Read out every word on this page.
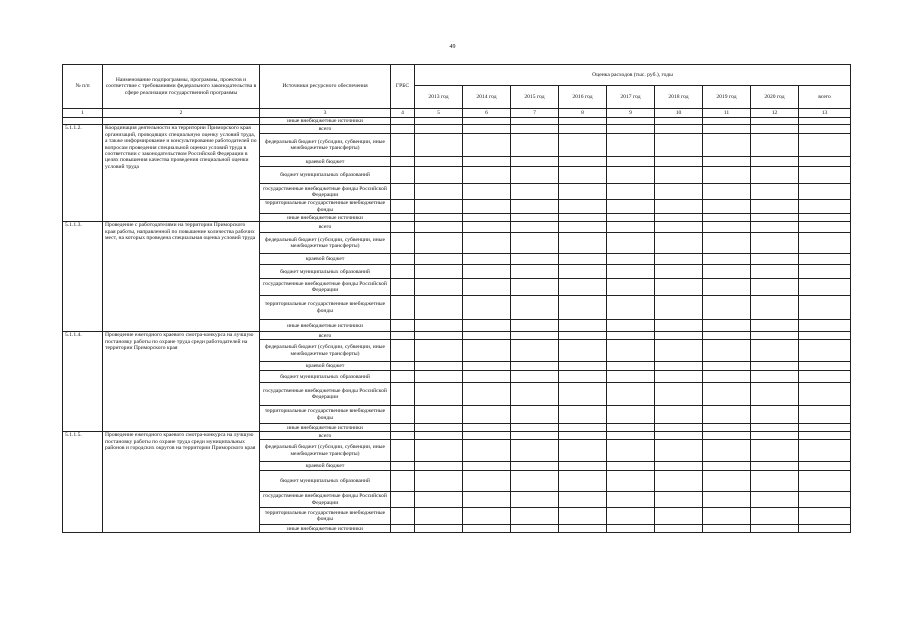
49
№ п/п	Наименование подпрограммы, программы, пpoектов и соответствие с требованиями федерального законодательства в сфере реализации государственной программы	Источники ресурсного обеспечения	ГРБС	Оценка расходов (тыс. руб.), годы								
				2013 год	2014 год	2015 год	2016 год	2017 год	2018 год	2019 год	2020 год	всего
1	2	3	4	5	6	7	8	9	10	11	12	13
		иные внебюджетные источники										
5.1.1.2.	Координация деятельности на территории Приморского края организаций, проводящих специальную оценку условий труда, а также информирование и консультирование работодателей по вопросам проведения специальной оценки условий труда в соответствии с законодательством Российской Федерации в целях повышения качества проведения специальной оценки условий труда	всего										
		федеральный бюджет (субсидии, субвенции, иные межбюджетные трансферты)										
		краевой бюджет										
		бюджет муниципальных образований										
		государственные внебюджетные фонды Российской Федерации										
		территориальные государственные внебюджетные фонды										
		иные внебюджетные источники										
5.1.1.3.	Проведение с работодателями на территории Приморского края работы, направленной по повышение количества рабочих мест, на которых проведена специальная оценка условий труда	всего										
		федеральный бюджет (субсидии, субвенции, иные межбюджетные трансферты)										
		краевой бюджет										
		бюджет муниципальных образований										
		государственные внебюджетные фонды Российской Федерации										
		территориальные государственные внебюджетные фонды										
		иные внебюджетные источники										
5.1.1.4.	Проведение ежегодного краевого смотра-конкурса на лучшую постановку работы по охране труда среди работодателей на территории Приморского края	всего										
		федеральный бюджет (субсидии, субвенции, иные межбюджетные трансферты)										
		краевой бюджет										
		бюджет муниципальных образований										
		государственные внебюджетные фонды Российской Федерации										
		территориальные государственные внебюджетные фонды										
		иные внебюджетные источники										
5.1.1.5.	Проведение ежегодного краевого смотра-конкурса на лучшую постановку работы по охране труда среди муниципальных районов и городских округов на территории Приморского края	всего										
		федеральный бюджет (субсидии, субвенции, иные межбюджетные трансферты)										
		краевой бюджет										
		бюджет муниципальных образований										
		государственные внебюджетные фонды Российской Федерации										
		территориальные государственные внебюджетные фонды										
		иные внебюджетные источники										
